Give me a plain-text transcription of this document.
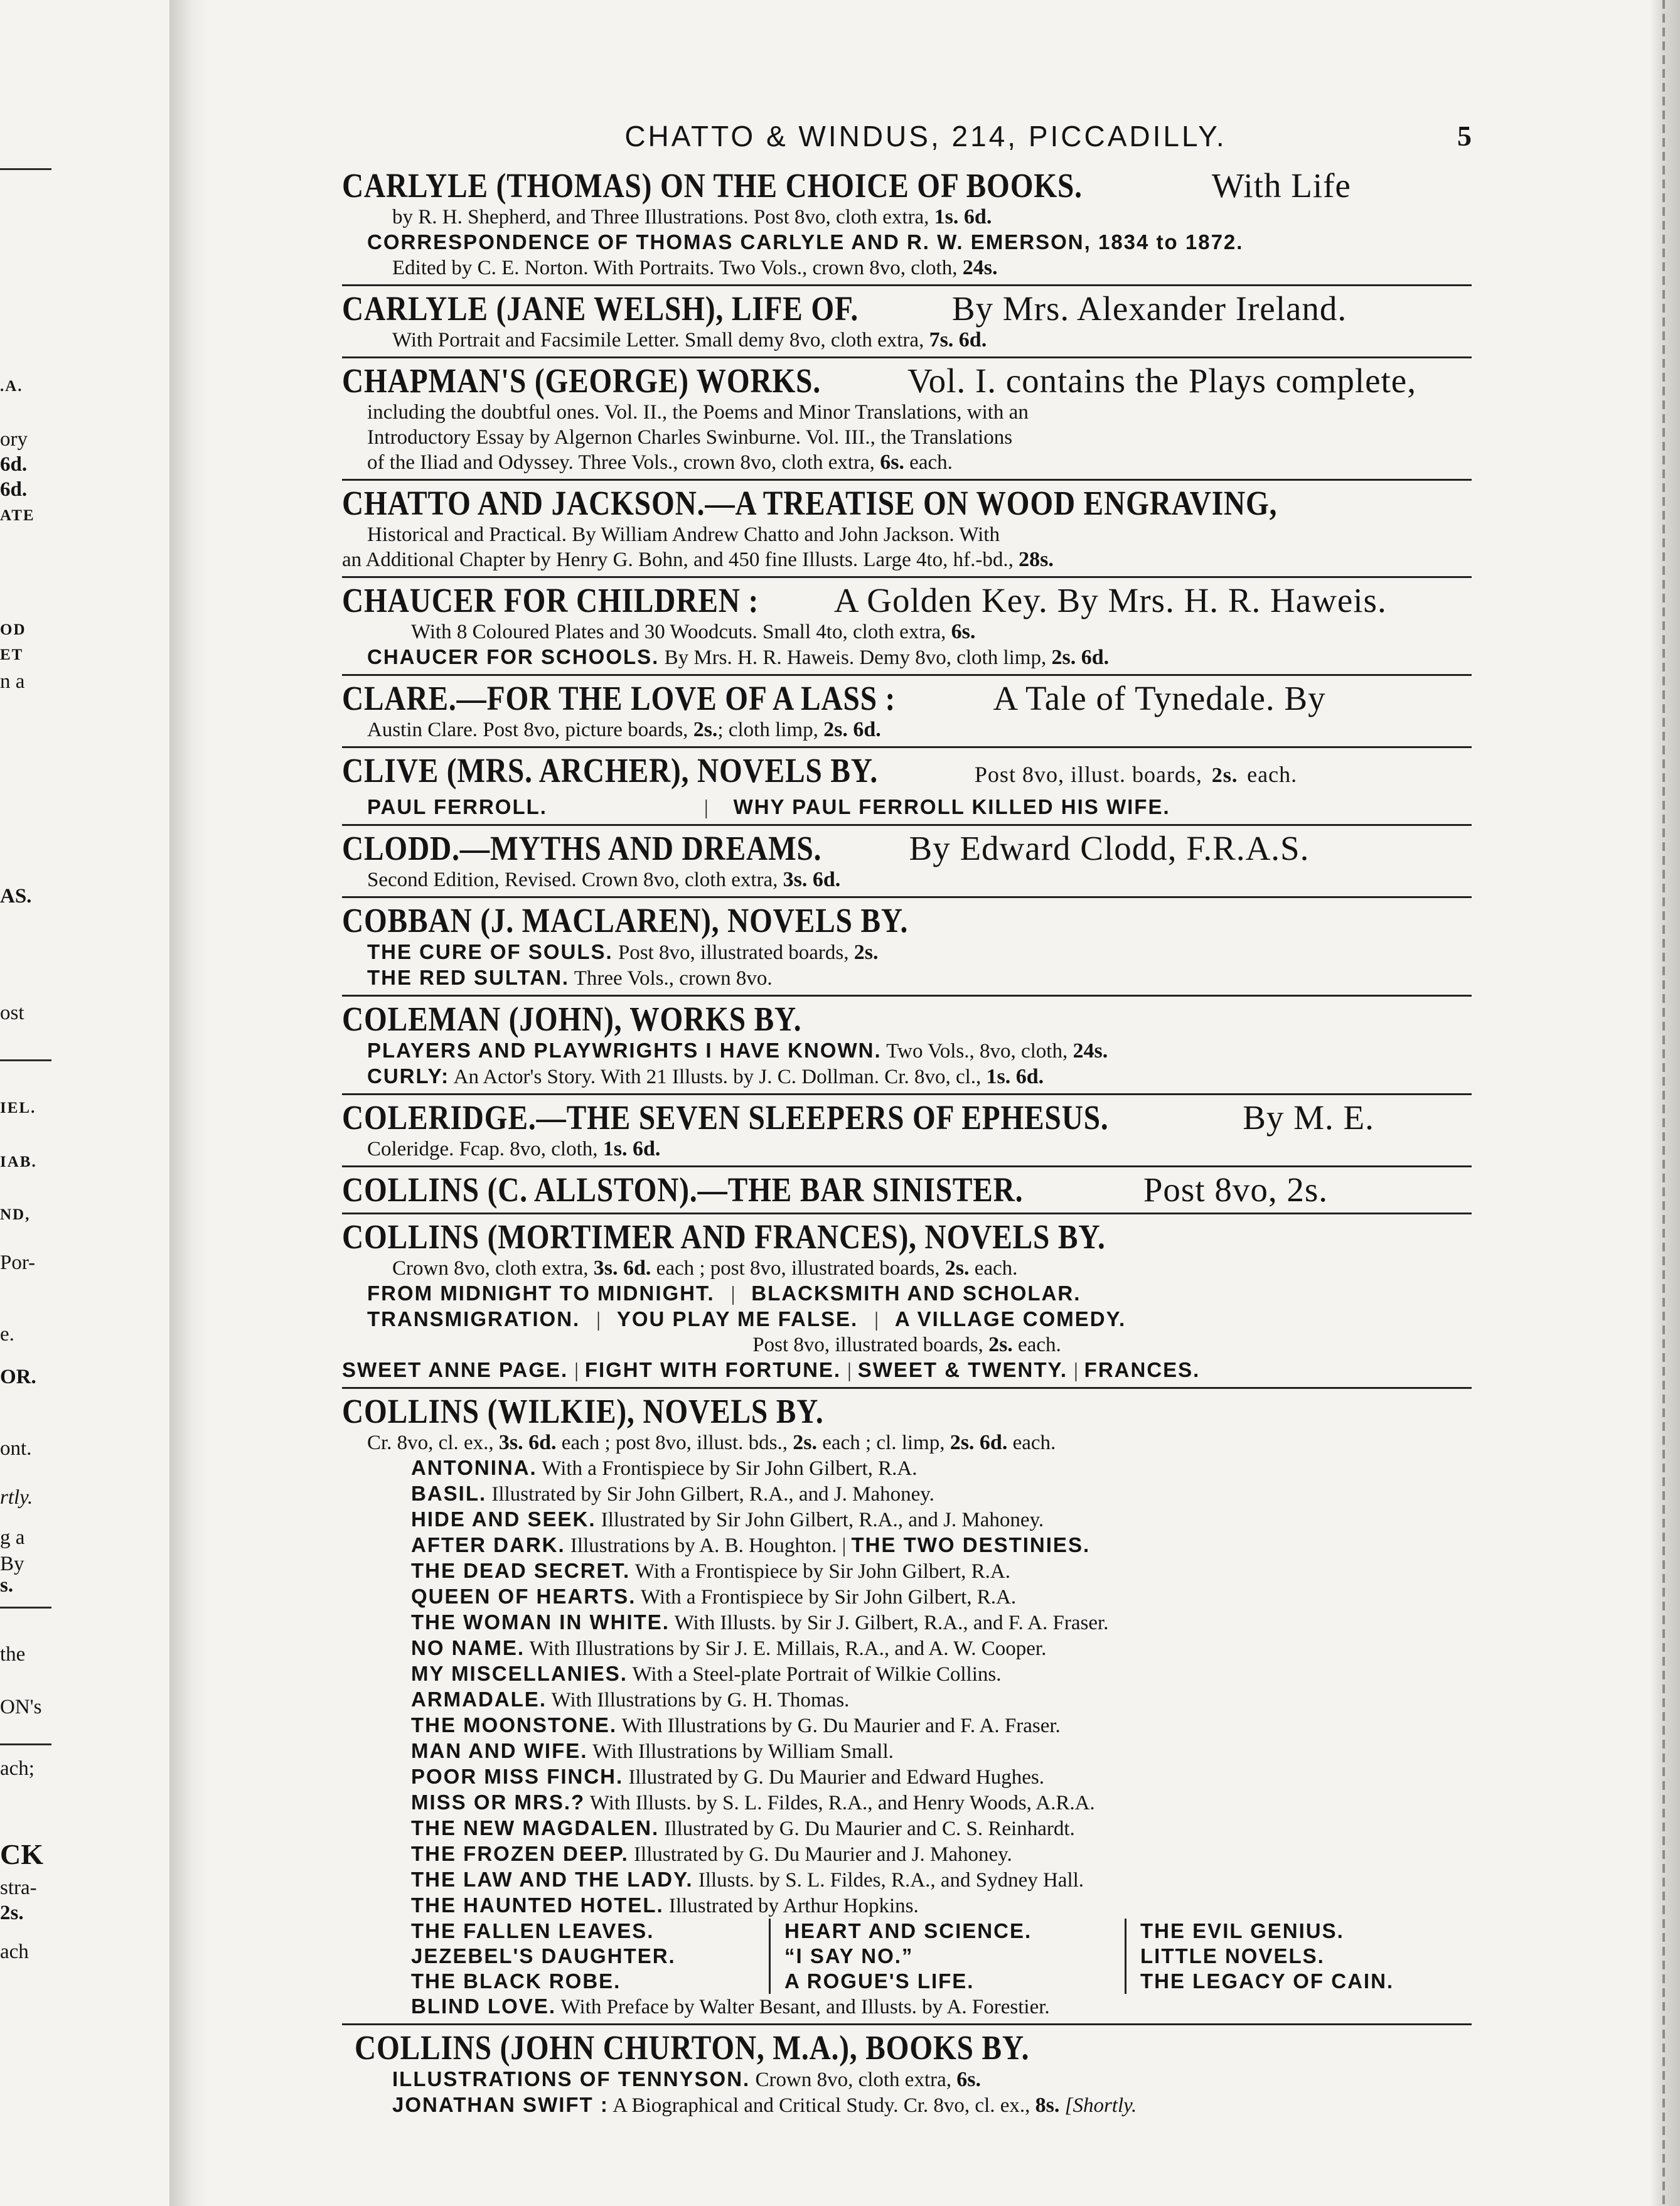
.A.
ory
6d.
6d.
ATE
OD
ET
n a
AS.
ost
IEL.
IAB.
ND,
Por-
e.
OR.
ont.
rtly.
g a
By
s.
the
ON's
ach;
CK
stra-
2s.
ach
CHATTO & WINDUS, 214, PICCADILLY.	5
CARLYLE (THOMAS) ON THE CHOICE OF BOOKS.	With Life
by R. H. Shepherd, and Three Illustrations. Post 8vo, cloth extra, 1s. 6d.
CORRESPONDENCE OF THOMAS CARLYLE AND R. W. EMERSON, 1834 to 1872.
Edited by C. E. Norton. With Portraits. Two Vols., crown 8vo, cloth, 24s.
CARLYLE (JANE WELSH), LIFE OF.	By Mrs. Alexander Ireland.
With Portrait and Facsimile Letter. Small demy 8vo, cloth extra, 7s. 6d.
CHAPMAN'S (GEORGE) WORKS.	Vol. I. contains the Plays complete,
including the doubtful ones. Vol. II., the Poems and Minor Translations, with an
Introductory Essay by Algernon Charles Swinburne. Vol. III., the Translations
of the Iliad and Odyssey. Three Vols., crown 8vo, cloth extra, 6s. each.
CHATTO AND JACKSON.—A TREATISE ON WOOD ENGRAVING,
Historical and Practical. By William Andrew Chatto and John Jackson. With
an Additional Chapter by Henry G. Bohn, and 450 fine Illusts. Large 4to, hf.-bd., 28s.
CHAUCER FOR CHILDREN : A Golden Key. By Mrs. H. R. Haweis.
With 8 Coloured Plates and 30 Woodcuts. Small 4to, cloth extra, 6s.
CHAUCER FOR SCHOOLS. By Mrs. H. R. Haweis. Demy 8vo, cloth limp, 2s. 6d.
CLARE.—FOR THE LOVE OF A LASS :	A Tale of Tynedale. By
Austin Clare. Post 8vo, picture boards, 2s.; cloth limp, 2s. 6d.
CLIVE (MRS. ARCHER), NOVELS BY.	Post 8vo, illust. boards, 2s. each.
PAUL FERROLL.	| WHY PAUL FERROLL KILLED HIS WIFE.
CLODD.—MYTHS AND DREAMS.	By Edward Clodd, F.R.A.S.
Second Edition, Revised. Crown 8vo, cloth extra, 3s. 6d.
COBBAN (J. MACLAREN), NOVELS BY.
THE CURE OF SOULS. Post 8vo, illustrated boards, 2s.
THE RED SULTAN. Three Vols., crown 8vo.
COLEMAN (JOHN), WORKS BY.
PLAYERS AND PLAYWRIGHTS I HAVE KNOWN. Two Vols., 8vo, cloth, 24s.
CURLY: An Actor's Story. With 21 Illusts. by J. C. Dollman. Cr. 8vo, cl., 1s. 6d.
COLERIDGE.—THE SEVEN SLEEPERS OF EPHESUS.	By M. E.
Coleridge. Fcap. 8vo, cloth, 1s. 6d.
COLLINS (C. ALLSTON).—THE BAR SINISTER.	Post 8vo, 2s.
COLLINS (MORTIMER AND FRANCES), NOVELS BY.
Crown 8vo, cloth extra, 3s. 6d. each ; post 8vo, illustrated boards, 2s. each.
FROM MIDNIGHT TO MIDNIGHT. | BLACKSMITH AND SCHOLAR.
TRANSMIGRATION. | YOU PLAY ME FALSE. | A VILLAGE COMEDY.
Post 8vo, illustrated boards, 2s. each.
SWEET ANNE PAGE. | FIGHT WITH FORTUNE. | SWEET & TWENTY. | FRANCES.
COLLINS (WILKIE), NOVELS BY.
Cr. 8vo, cl. ex., 3s. 6d. each ; post 8vo, illust. bds., 2s. each ; cl. limp, 2s. 6d. each.
ANTONINA. With a Frontispiece by Sir John Gilbert, R.A.
BASIL. Illustrated by Sir John Gilbert, R.A., and J. Mahoney.
HIDE AND SEEK. Illustrated by Sir John Gilbert, R.A., and J. Mahoney.
AFTER DARK. Illustrations by A. B. Houghton. | THE TWO DESTINIES.
THE DEAD SECRET. With a Frontispiece by Sir John Gilbert, R.A.
QUEEN OF HEARTS. With a Frontispiece by Sir John Gilbert, R.A.
THE WOMAN IN WHITE. With Illusts. by Sir J. Gilbert, R.A., and F. A. Fraser.
NO NAME. With Illustrations by Sir J. E. Millais, R.A., and A. W. Cooper.
MY MISCELLANIES. With a Steel-plate Portrait of Wilkie Collins.
ARMADALE. With Illustrations by G. H. Thomas.
THE MOONSTONE. With Illustrations by G. Du Maurier and F. A. Fraser.
MAN AND WIFE. With Illustrations by William Small.
POOR MISS FINCH. Illustrated by G. Du Maurier and Edward Hughes.
MISS OR MRS.? With Illusts. by S. L. Fildes, R.A., and Henry Woods, A.R.A.
THE NEW MAGDALEN. Illustrated by G. Du Maurier and C. S. Reinhardt.
THE FROZEN DEEP. Illustrated by G. Du Maurier and J. Mahoney.
THE LAW AND THE LADY. Illusts. by S. L. Fildes, R.A., and Sydney Hall.
THE HAUNTED HOTEL. Illustrated by Arthur Hopkins.
THE FALLEN LEAVES.	HEART AND SCIENCE.	THE EVIL GENIUS.
JEZEBEL'S DAUGHTER.	“I SAY NO.”	LITTLE NOVELS.
THE BLACK ROBE.	A ROGUE'S LIFE.	THE LEGACY OF CAIN.
BLIND LOVE. With Preface by Walter Besant, and Illusts. by A. Forestier.
COLLINS (JOHN CHURTON, M.A.), BOOKS BY.
ILLUSTRATIONS OF TENNYSON. Crown 8vo, cloth extra, 6s.
JONATHAN SWIFT : A Biographical and Critical Study. Cr. 8vo, cl. ex., 8s. [Shortly.
